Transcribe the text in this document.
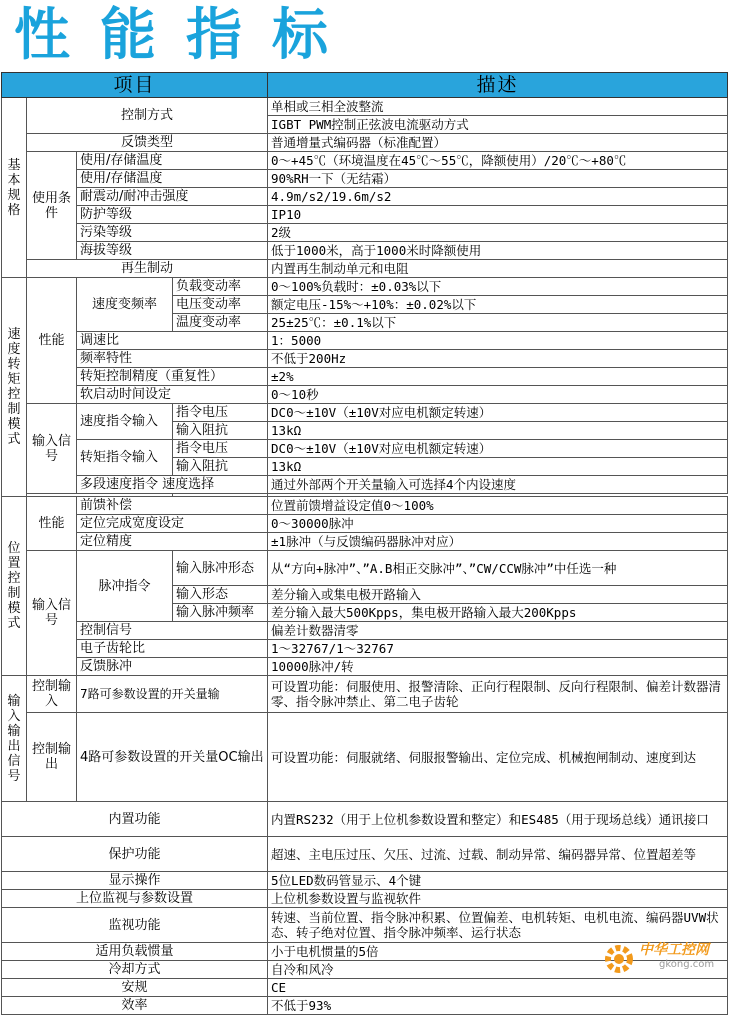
性能指标
项目				描述
基本规格	控制方式			单相或三相全波整流
				IGBT PWM控制正弦波电流驱动方式
	反馈类型			普通增量式编码器（标准配置）
	使用条件	使用/存储温度		0～+45℃（环境温度在45℃～55℃，降额使用）/20℃～+80℃
		使用/存储温度		90%RH一下（无结霜）
		耐震动/耐冲击强度		4.9m/s2/19.6m/s2
		防护等级		IP10
		污染等级		2级
		海拔等级		低于1000米，高于1000米时降额使用
	再生制动			内置再生制动单元和电阻
速度转矩控制模式	性能	速度变频率	负载变动率	0～100%负载时：±0.03%以下
			电压变动率	额定电压-15%～+10%：±0.02%以下
			温度变动率	25±25℃：±0.1%以下
		调速比		1：5000
		频率特性		不低于200Hz
		转矩控制精度（重复性）		±2%
		软启动时间设定		0～10秒
	输入信号	速度指令输入	指令电压	DC0～±10V（±10V对应电机额定转速）
			输入阻抗	13kΩ
		转矩指令输入	指令电压	DC0～±10V（±10V对应电机额定转速）
			输入阻抗	13kΩ
		多段速度指令 速度选择		通过外部两个开关量输入可选择4个内设速度

位置控制模式	性能	前馈补偿		位置前馈增益设定值0～100%
		定位完成宽度设定		0～30000脉冲
		定位精度		±1脉冲（与反馈编码器脉冲对应）
	输入信号	脉冲指令	输入脉冲形态	从“方向+脉冲”、”A.B相正交脉冲”、”CW/CCW脉冲”中任选一种
			输入形态	差分输入或集电极开路输入
			输入脉冲频率	差分输入最大500Kpps，集电极开路输入最大200Kpps
		控制信号		偏差计数器清零
		电子齿轮比		1～32767/1～32767
		反馈脉冲		10000脉冲/转
输入输出信号	控制输入	7路可参数设置的开关量输		可设置功能：伺服使用、报警清除、正向行程限制、反向行程限制、偏差计数器清零、指令脉冲禁止、第二电子齿轮
	控制输出	4路可参数设置的开关量OC输出		可设置功能：伺服就绪、伺服报警输出、定位完成、机械抱闸制动、速度到达
内置功能				内置RS232（用于上位机参数设置和整定）和ES485（用于现场总线）通讯接口
保护功能				超速、主电压过压、欠压、过流、过载、制动异常、编码器异常、位置超差等
显示操作				5位LED数码管显示、4个键
上位监视与参数设置				上位机参数设置与监视软件
监视功能				转速、当前位置、指令脉冲积累、位置偏差、电机转矩、电机电流、编码器UVW状态、转子绝对位置、指令脉冲频率、运行状态
适用负载惯量				小于电机惯量的5倍
冷却方式				自冷和风冷
安规				CE
效率				不低于93%
中华工控网
gkong.com
